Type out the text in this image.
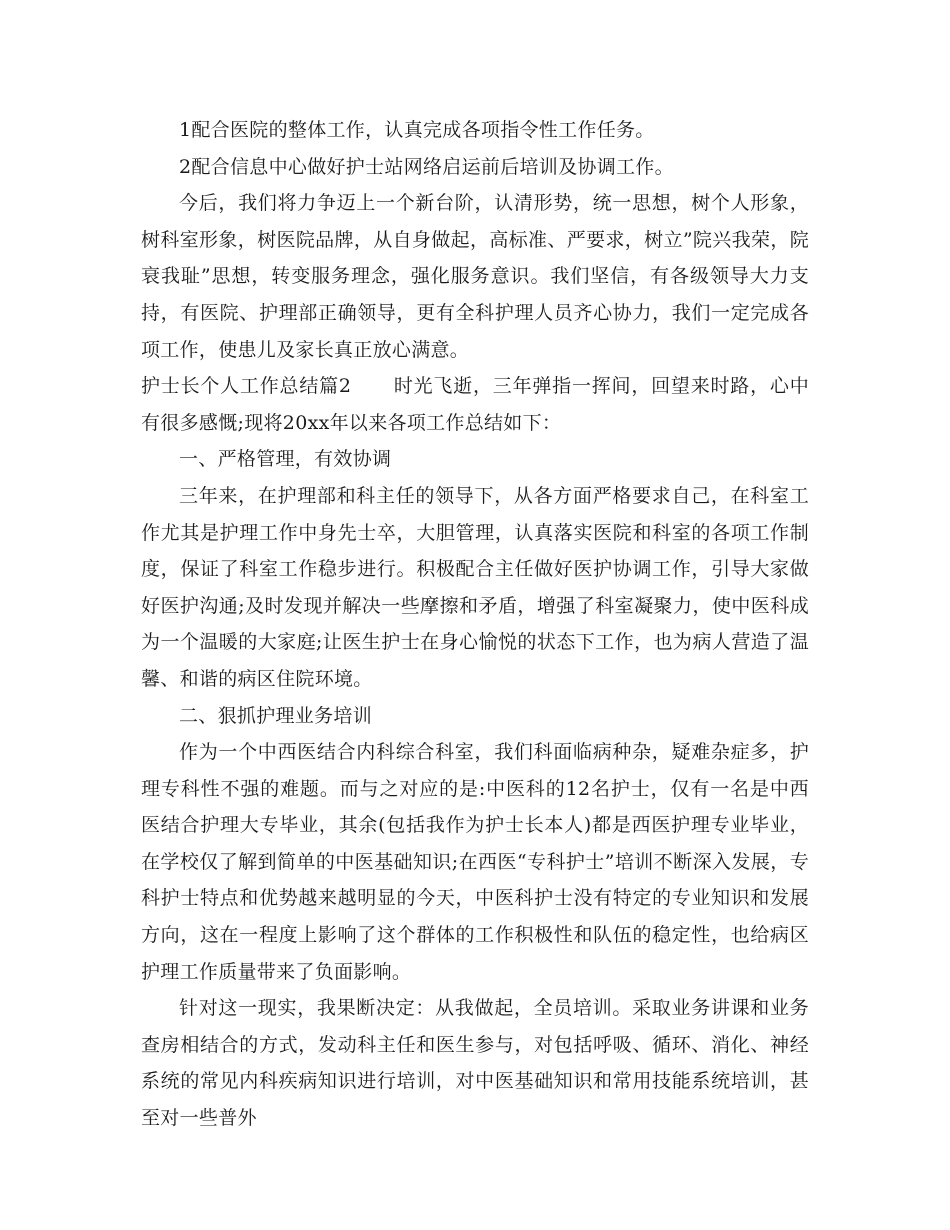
1配合医院的整体工作，认真完成各项指令性工作任务。

2配合信息中心做好护士站网络启运前后培训及协调工作。

今后，我们将力争迈上一个新台阶，认清形势，统一思想，树个人形象，树科室形象，树医院品牌，从自身做起，高标准、严要求，树立”院兴我荣，院衰我耻”思想，转变服务理念，强化服务意识。我们坚信，有各级领导大力支持，有医院、护理部正确领导，更有全科护理人员齐心协力，我们一定完成各项工作，使患儿及家长真正放心满意。

护士长个人工作总结篇2 时光飞逝，三年弹指一挥间，回望来时路，心中有很多感慨;现将20xx年以来各项工作总结如下：

一、严格管理，有效协调

三年来，在护理部和科主任的领导下，从各方面严格要求自己，在科室工作尤其是护理工作中身先士卒，大胆管理，认真落实医院和科室的各项工作制度，保证了科室工作稳步进行。积极配合主任做好医护协调工作，引导大家做好医护沟通;及时发现并解决一些摩擦和矛盾，增强了科室凝聚力，使中医科成为一个温暖的大家庭;让医生护士在身心愉悦的状态下工作，也为病人营造了温馨、和谐的病区住院环境。

二、狠抓护理业务培训

作为一个中西医结合内科综合科室，我们科面临病种杂，疑难杂症多，护理专科性不强的难题。而与之对应的是:中医科的12名护士，仅有一名是中西医结合护理大专毕业，其余(包括我作为护士长本人)都是西医护理专业毕业，在学校仅了解到简单的中医基础知识;在西医“专科护士”培训不断深入发展，专科护士特点和优势越来越明显的今天，中医科护士没有特定的专业知识和发展方向，这在一程度上影响了这个群体的工作积极性和队伍的稳定性，也给病区护理工作质量带来了负面影响。

针对这一现实，我果断决定：从我做起，全员培训。采取业务讲课和业务查房相结合的方式，发动科主任和医生参与，对包括呼吸、循环、消化、神经系统的常见内科疾病知识进行培训，对中医基础知识和常用技能系统培训，甚至对一些普外
